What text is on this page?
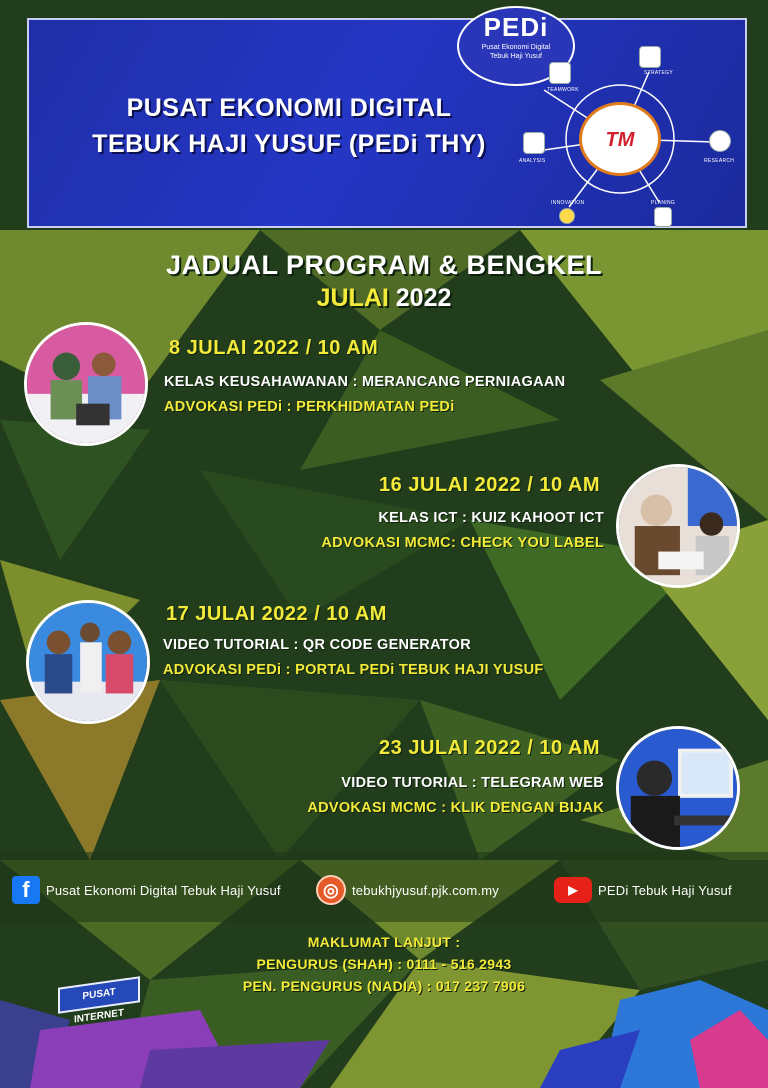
PEDi
Pusat Ekonomi Digital
Tebuk Haji Yusuf
PUSAT EKONOMI DIGITAL
TEBUK HAJI YUSUF (PEDi THY)	TM
TEAMWORK
STRATEGY
ANALYSIS	RESEARCH
INNOVATION	PLANING
JADUAL PROGRAM & BENGKEL
JULAI 2022
8 JULAI 2022 / 10 AM
KELAS KEUSAHAWANAN : MERANCANG PERNIAGAAN
ADVOKASI PEDi : PERKHIDMATAN PEDi
16 JULAI 2022 / 10 AM
KELAS ICT : KUIZ KAHOOT ICT
ADVOKASI MCMC: CHECK YOU LABEL
17 JULAI 2022 / 10 AM
VIDEO TUTORIAL : QR CODE GENERATOR
ADVOKASI PEDi : PORTAL PEDi TEBUK HAJI YUSUF
23 JULAI 2022 / 10 AM
VIDEO TUTORIAL : TELEGRAM WEB
ADVOKASI MCMC : KLIK DENGAN BIJAK
f	Pusat Ekonomi Digital Tebuk Haji Yusuf	◎	tebukhjyusuf.pjk.com.my	▶	PEDi Tebuk Haji Yusuf
MAKLUMAT LANJUT :
PENGURUS (SHAH) : 0111 - 516 2943
PEN. PENGURUS (NADIA) : 017 237 7906
PUSAT INTERNET
